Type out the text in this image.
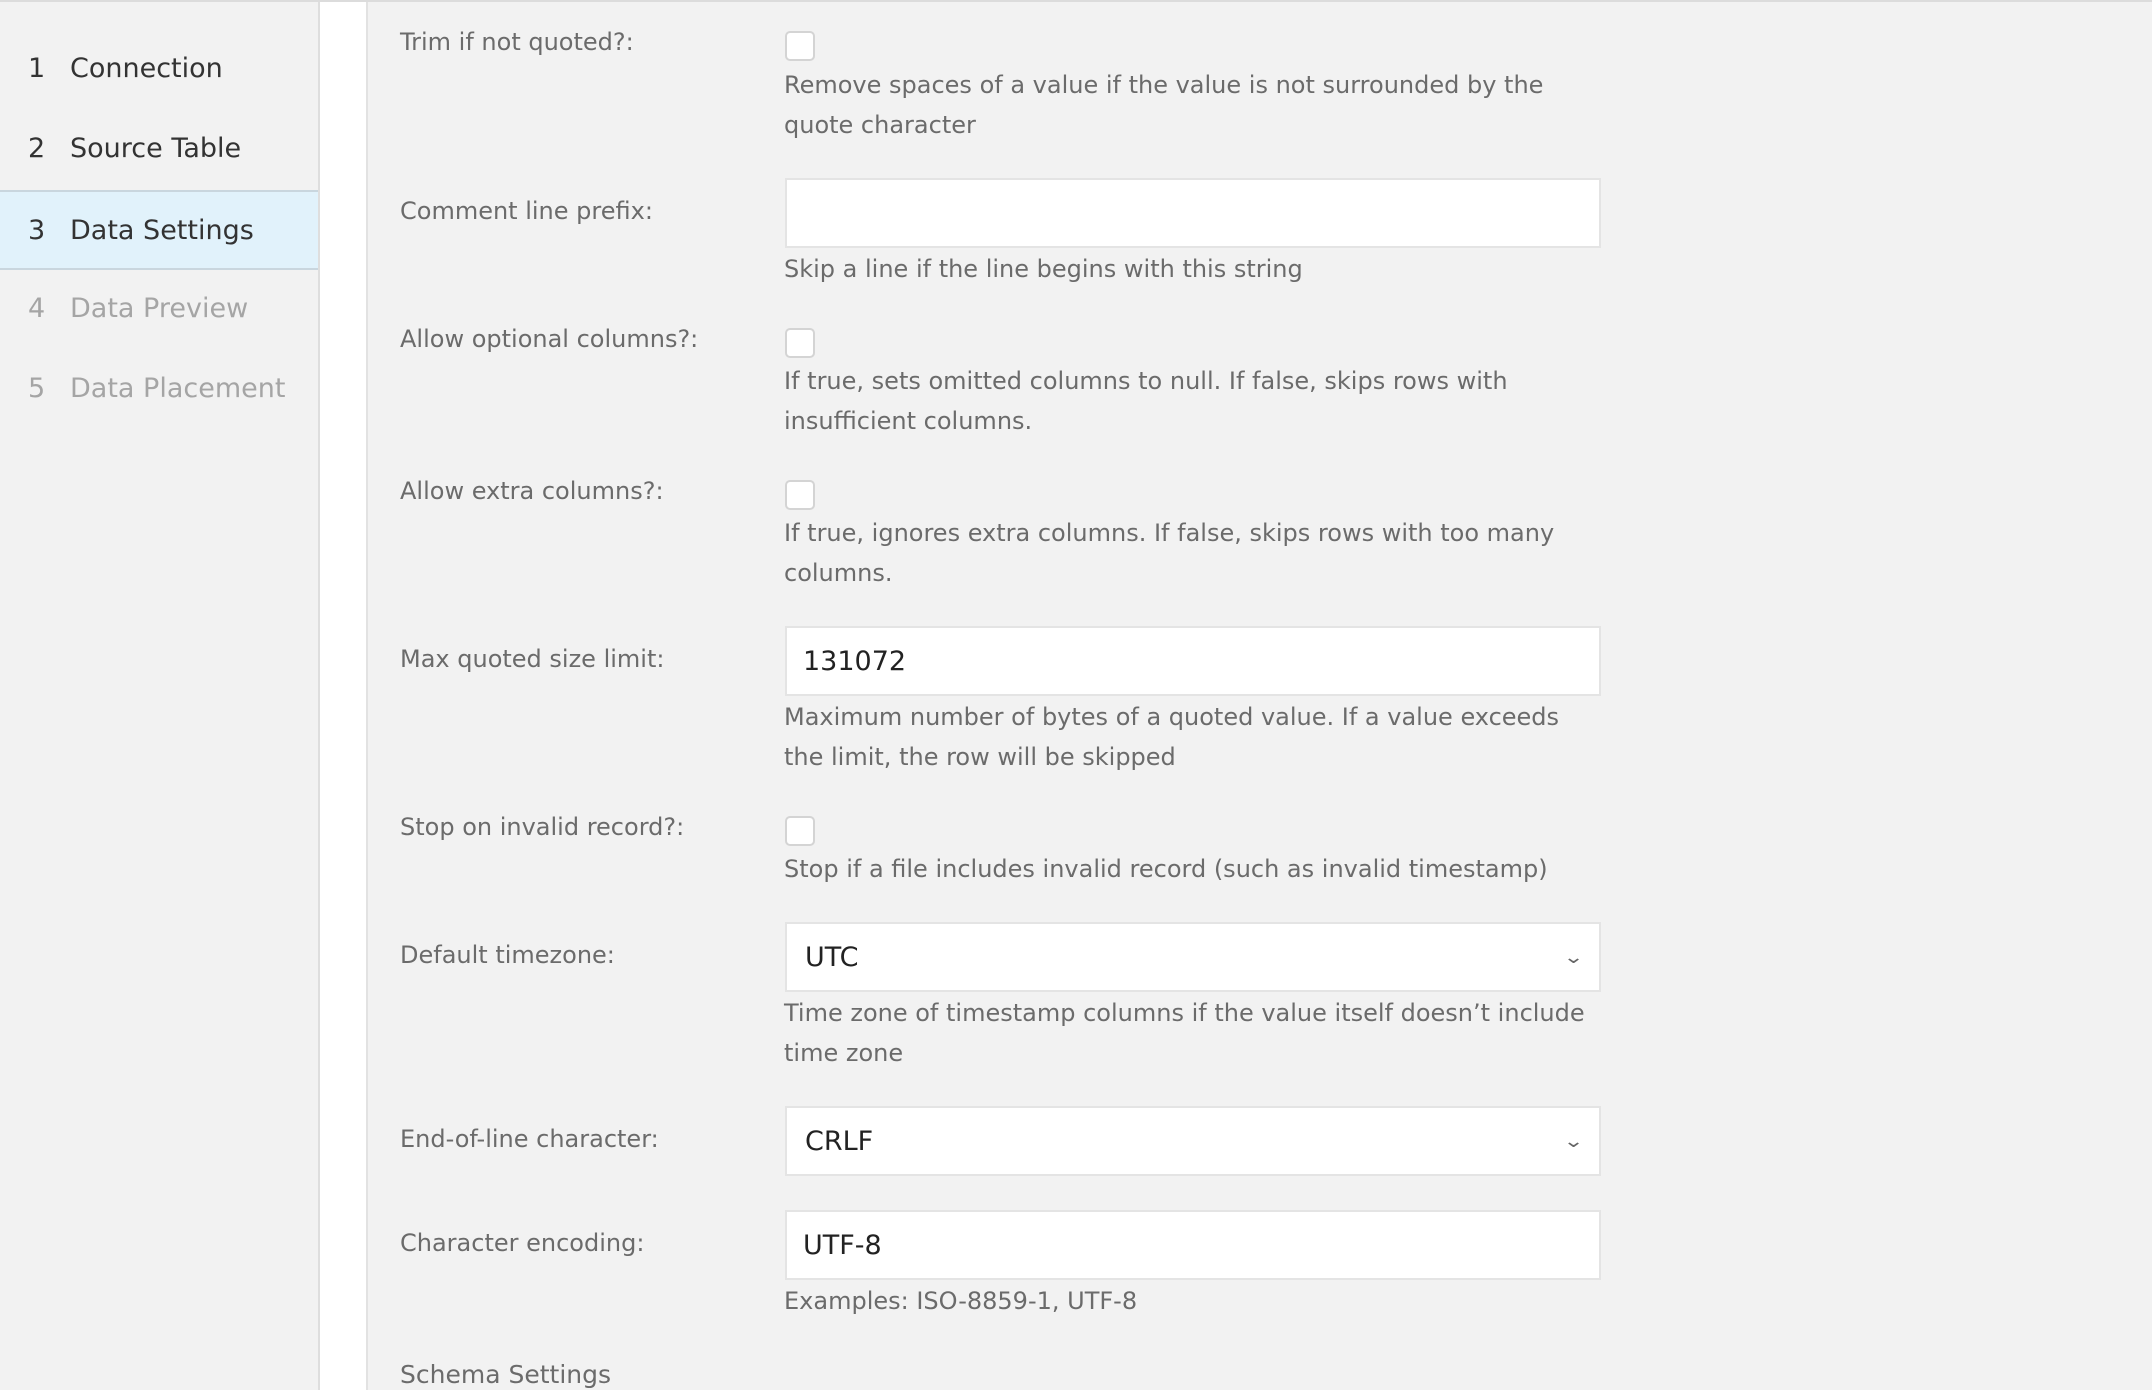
1 Connection
2 Source Table
3 Data Settings
4 Data Preview
5 Data Placement
Trim if not quoted?:
Remove spaces of a value if the value is not surrounded by the quote character
Comment line prefix:
Skip a line if the line begins with this string
Allow optional columns?:
If true, sets omitted columns to null. If false, skips rows with insufficient columns.
Allow extra columns?:
If true, ignores extra columns. If false, skips rows with too many columns.
Max quoted size limit:
131072
Maximum number of bytes of a quoted value. If a value exceeds the limit, the row will be skipped
Stop on invalid record?:
Stop if a file includes invalid record (such as invalid timestamp)
Default timezone:	UTC	⌄
Time zone of timestamp columns if the value itself doesn’t include time zone
End-of-line character:	CRLF	⌄
Character encoding:
UTF-8
Examples: ISO-8859-1, UTF-8
Schema Settings
